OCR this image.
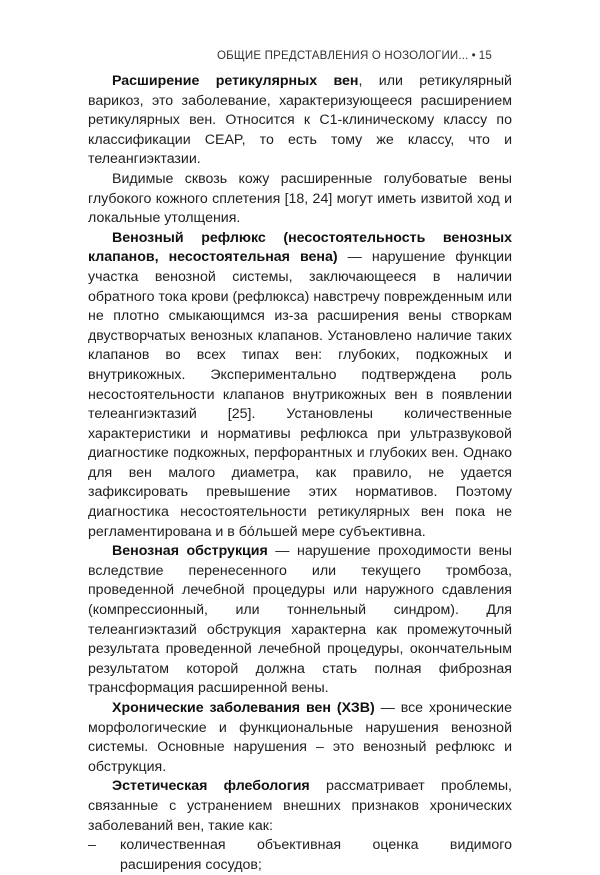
ОБЩИЕ ПРЕДСТАВЛЕНИЯ О НОЗОЛОГИИ... • 15

Расширение ретикулярных вен, или ретикулярный варикоз, это заболевание, характеризующееся расширением ретикулярных вен. Относится к C1-клиническому классу по классификации CEAP, то есть тому же классу, что и телеангиэктазии.

Видимые сквозь кожу расширенные голубоватые вены глубокого кожного сплетения [18, 24] могут иметь извитой ход и локальные утолщения.

Венозный рефлюкс (несостоятельность венозных клапанов, несостоятельная вена) — нарушение функции участка венозной системы, заключающееся в наличии обратного тока крови (рефлюкса) навстречу поврежденным или не плотно смыкающимся из-за расширения вены створкам двустворчатых венозных клапанов. Установлено наличие таких клапанов во всех типах вен: глубоких, подкожных и внутрикожных. Экспериментально подтверждена роль несостоятельности клапанов внутрикожных вен в появлении телеангиэктазий [25]. Установлены количественные характеристики и нормативы рефлюкса при ультразвуковой диагностике подкожных, перфорантных и глубоких вен. Однако для вен малого диаметра, как правило, не удается зафиксировать превышение этих нормативов. Поэтому диагностика несостоятельности ретикулярных вен пока не регламентирована и в бóльшей мере субъективна.

Венозная обструкция — нарушение проходимости вены вследствие перенесенного или текущего тромбоза, проведенной лечебной процедуры или наружного сдавления (компрессионный, или тоннельный синдром). Для телеангиэктазий обструкция характерна как промежуточный результата проведенной лечебной процедуры, окончательным результатом которой должна стать полная фиброзная трансформация расширенной вены.

Хронические заболевания вен (ХЗВ) — все хронические морфологические и функциональные нарушения венозной системы. Основные нарушения – это венозный рефлюкс и обструкция.

Эстетическая флебология рассматривает проблемы, связанные с устранением внешних признаков хронических заболеваний вен, такие как:

– количественная объективная оценка видимого расширения сосудов;
